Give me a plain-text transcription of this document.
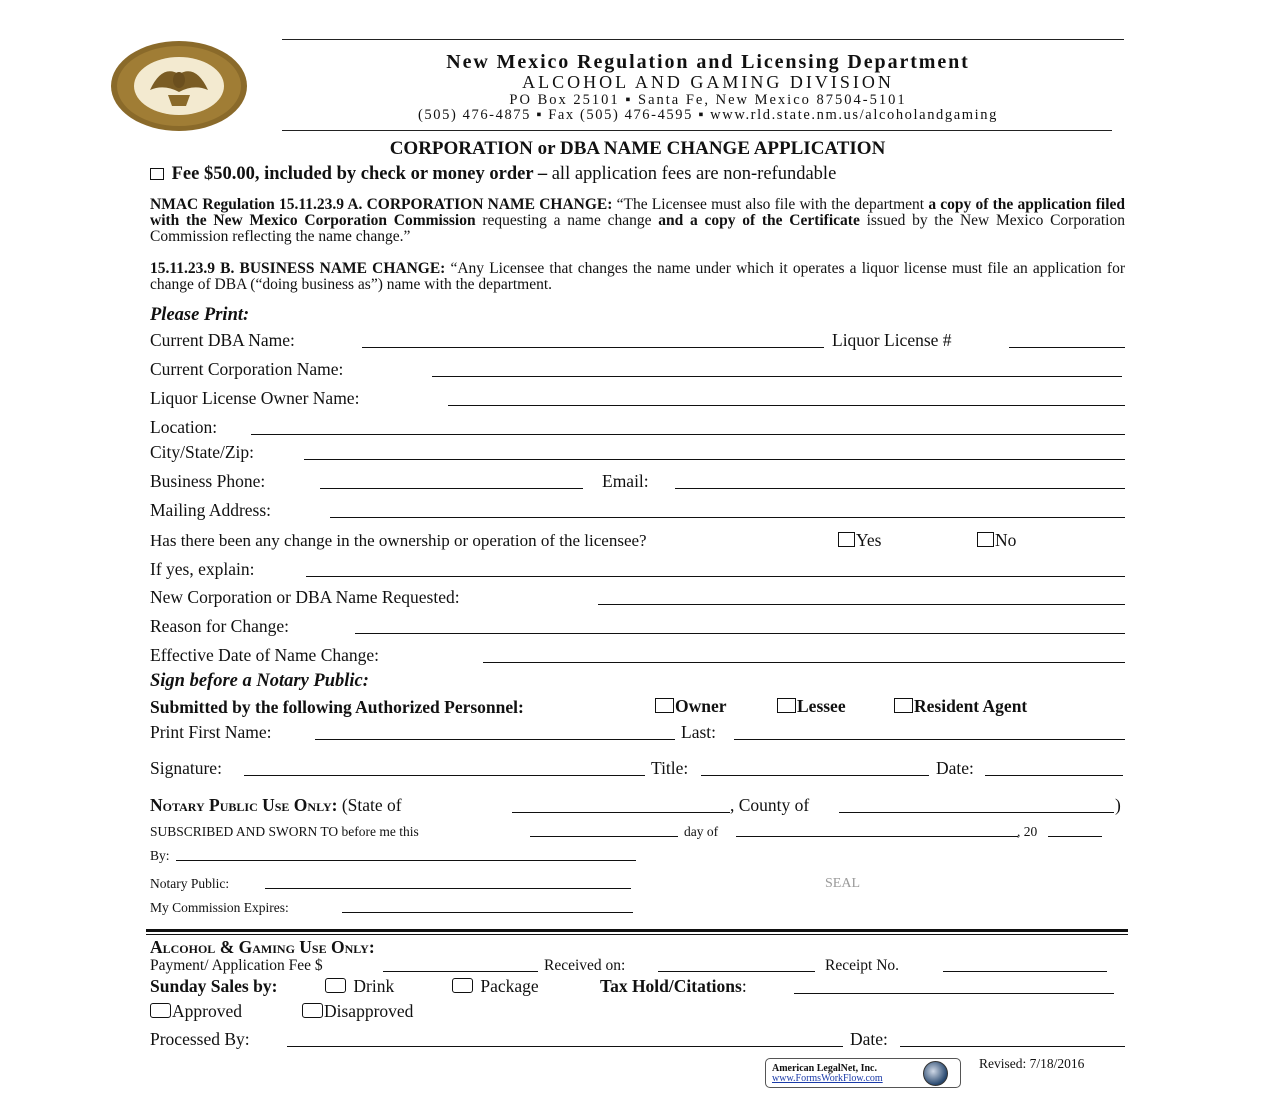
New Mexico Regulation and Licensing Department
ALCOHOL AND GAMING DIVISION
PO Box 25101 ▪ Santa Fe, New Mexico 87504-5101
(505) 476-4875 ▪ Fax (505) 476-4595 ▪ www.rld.state.nm.us/alcoholandgaming
CORPORATION or DBA NAME CHANGE APPLICATION
Fee $50.00, included by check or money order – all application fees are non-refundable
NMAC Regulation 15.11.23.9 A. CORPORATION NAME CHANGE: “The Licensee must also file with the department a copy of the application filed with the New Mexico Corporation Commission requesting a name change and a copy of the Certificate issued by the New Mexico Corporation Commission reflecting the name change.”
15.11.23.9 B. BUSINESS NAME CHANGE: “Any Licensee that changes the name under which it operates a liquor license must file an application for change of DBA (“doing business as”) name with the department.
Please Print:
Current DBA Name:	Liquor License #
Current Corporation Name:
Liquor License Owner Name:
Location:
City/State/Zip:
Business Phone:	Email:
Mailing Address:
Has there been any change in the ownership or operation of the licensee?	Yes	No
If yes, explain:
New Corporation or DBA Name Requested:
Reason for Change:
Effective Date of Name Change:
Sign before a Notary Public:
Submitted by the following Authorized Personnel:	Owner	Lessee	Resident Agent
Print First Name:	Last:
Signature:	Title:	Date:
Notary Public Use Only: (State of	, County of	)
SUBSCRIBED AND SWORN TO before me this	day of	, 20
By:
Notary Public:	SEAL
My Commission Expires:
Alcohol & Gaming Use Only:
Payment/ Application Fee $	Received on:	Receipt No.
Sunday Sales by:	Drink	Package	Tax Hold/Citations:
Approved	Disapproved
Processed By:	Date:
American LegalNet, Inc.
www.FormsWorkFlow.com
Revised: 7/18/2016
